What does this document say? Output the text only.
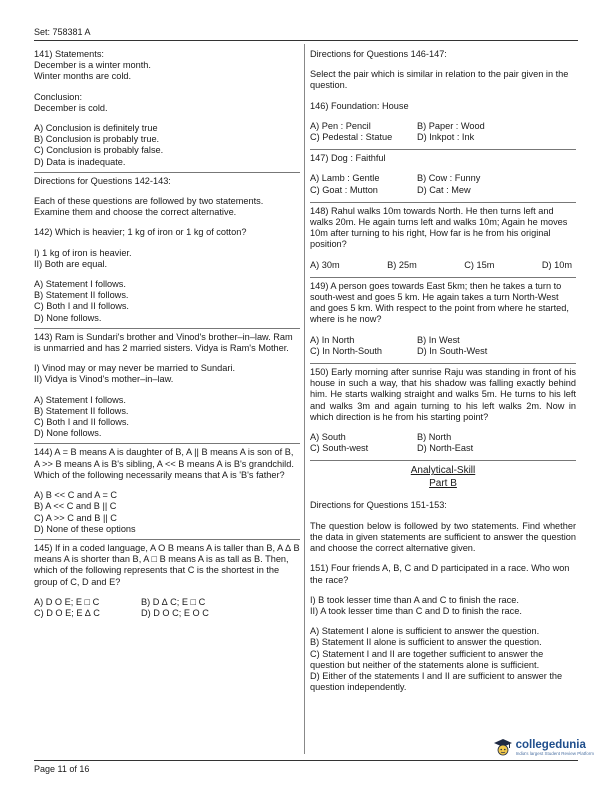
Set: 758381 A
141) Statements:
December is a winter month.
Winter months are cold.
Conclusion:
December is cold.
A) Conclusion is definitely true
B) Conclusion is probably true.
C) Conclusion is probably false.
D) Data is inadequate.
Directions for Questions 142-143:
Each of these questions are followed by two statements. Examine them and choose the correct alternative.
142) Which is heavier; 1 kg of iron or 1 kg of cotton?
I) 1 kg of iron is heavier.
II) Both are equal.
A) Statement I follows.
B) Statement II follows.
C) Both I and II follows.
D) None follows.
143) Ram is Sundari's brother and Vinod's brother–in–law. Ram is unmarried and has 2 married sisters. Vidya is Ram's Mother.
I) Vinod may or may never be married to Sundari.
II) Vidya is Vinod's mother–in–law.
A) Statement I follows.
B) Statement II follows.
C) Both I and II follows.
D) None follows.
144) A = B means A is daughter of B, A || B means A is son of B, A >> B means A is B's sibling, A << B means A is B's grandchild. Which of the following necessarily means that A is 'B's father?
A) B << C and A = C
B) A << C and B || C
C) A >> C and B || C
D) None of these options
145) If in a coded language, A O B means A is taller than B, A ∆ B means A is shorter than B, A □ B means A is as tall as B. Then, which of the following represents that C is the shortest in the group of C, D and E?
A) D O E; E □ C	B) D ∆ C; E □ C
C) D O E; E ∆ C	D) D O C; E O C
Directions for Questions 146-147:
Select the pair which is similar in relation to the pair given in the question.
146) Foundation: House
A) Pen : Pencil	B) Paper : Wood
C) Pedestal : Statue	D) Inkpot : Ink
147) Dog : Faithful
A) Lamb : Gentle	B) Cow : Funny
C) Goat : Mutton	D) Cat : Mew
148) Rahul walks 10m towards North. He then turns left and walks 20m. He again turns left and walks 10m; Again he moves 10m after turning to his right, How far is he from his original position?
A) 30m	B) 25m	C) 15m	D) 10m
149) A person goes towards East 5km; then he takes a turn to south-west and goes 5 km. He again takes a turn North-West and goes 5 km. With respect to the point from where he started, where is he now?
A) In North	B) In West
C) In North-South	D) In South-West
150) Early morning after sunrise Raju was standing in front of his house in such a way, that his shadow was falling exactly behind him. He starts walking straight and walks 5m. He turns to his left and walks 3m and again turning to his left walks 2m. Now in which direction is he from his starting point?
A) South	B) North
C) South-west	D) North-East
Analytical-Skill
Part B
Directions for Questions 151-153:
The question below is followed by two statements. Find whether the data in given statements are sufficient to answer the question and choose the correct alternative given.
151) Four friends A, B, C and D participated in a race. Who won the race?
I) B took lesser time than A and C to finish the race.
II) A took lesser time than C and D to finish the race.
A) Statement I alone is sufficient to answer the question.
B) Statement II alone is sufficient to answer the question.
C) Statement I and II are together sufficient to answer the question but neither of the statements alone is sufficient.
D) Either of the statements I and II are sufficient to answer the question independently.
collegedunia
India's largest Student Review Platform
Page 11 of 16
